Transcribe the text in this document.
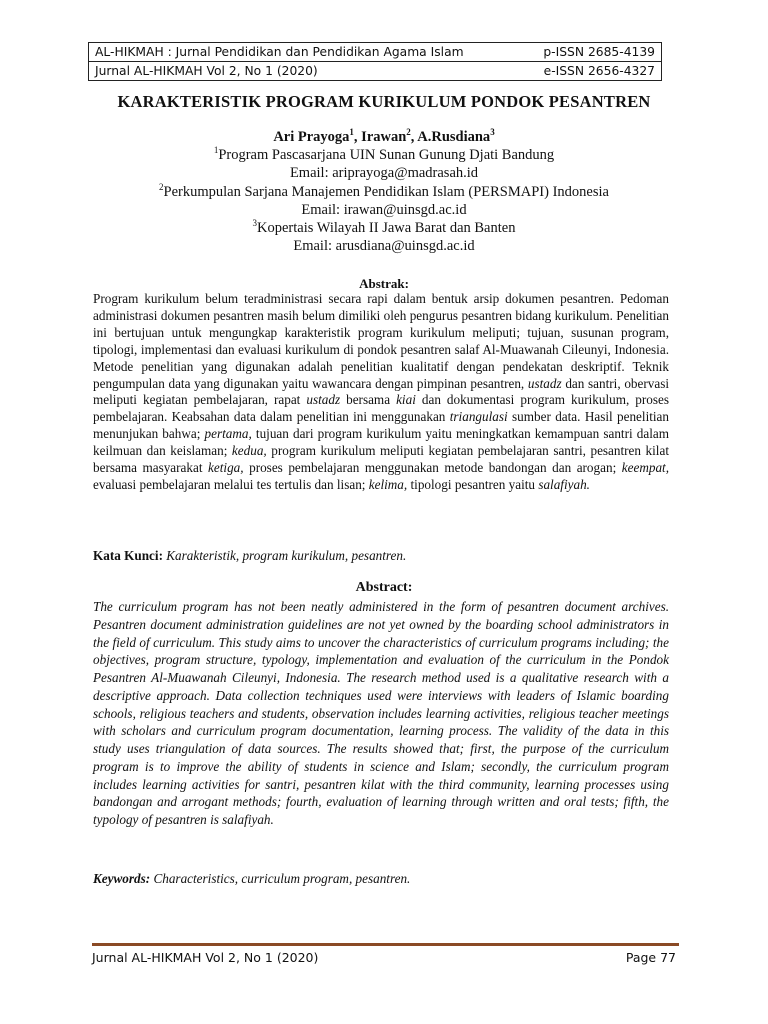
AL-HIKMAH : Jurnal Pendidikan dan Pendidikan Agama Islam	p-ISSN 2685-4139
Jurnal AL-HIKMAH Vol 2, No 1 (2020)	e-ISSN 2656-4327
KARAKTERISTIK PROGRAM KURIKULUM PONDOK PESANTREN
Ari Prayoga$^1$, Irawan$^2$, A.Rusdiana$^3$
$^1$Program Pascasarjana UIN Sunan Gunung Djati Bandung
Email: ariprayoga@madrasah.id
$^2$Perkumpulan Sarjana Manajemen Pendidikan Islam (PERSMAPI) Indonesia
Email: irawan@uinsgd.ac.id
$^3$Kopertais Wilayah II Jawa Barat dan Banten
Email: arusdiana@uinsgd.ac.id
Abstrak:
Program kurikulum belum teradministrasi secara rapi dalam bentuk arsip dokumen pesantren. Pedoman administrasi dokumen pesantren masih belum dimiliki oleh pengurus pesantren bidang kurikulum. Penelitian ini bertujuan untuk mengungkap karakteristik program kurikulum meliputi; tujuan, susunan program, tipologi, implementasi dan evaluasi kurikulum di pondok pesantren salaf Al-Muawanah Cileunyi, Indonesia. Metode penelitian yang digunakan adalah penelitian kualitatif dengan pendekatan deskriptif. Teknik pengumpulan data yang digunakan yaitu wawancara dengan pimpinan pesantren, ustadz dan santri, obervasi meliputi kegiatan pembelajaran, rapat ustadz bersama kiai dan dokumentasi program kurikulum, proses pembelajaran. Keabsahan data dalam penelitian ini menggunakan triangulasi sumber data. Hasil penelitian menunjukan bahwa; pertama, tujuan dari program kurikulum yaitu meningkatkan kemampuan santri dalam keilmuan dan keislaman; kedua, program kurikulum meliputi kegiatan pembelajaran santri, pesantren kilat bersama masyarakat ketiga, proses pembelajaran menggunakan metode bandongan dan arogan; keempat, evaluasi pembelajaran melalui tes tertulis dan lisan; kelima, tipologi pesantren yaitu salafiyah.
Kata Kunci: Karakteristik, program kurikulum, pesantren.
Abstract:
The curriculum program has not been neatly administered in the form of pesantren document archives. Pesantren document administration guidelines are not yet owned by the boarding school administrators in the field of curriculum. This study aims to uncover the characteristics of curriculum programs including; the objectives, program structure, typology, implementation and evaluation of the curriculum in the Pondok Pesantren Al-Muawanah Cileunyi, Indonesia. The research method used is a qualitative research with a descriptive approach. Data collection techniques used were interviews with leaders of Islamic boarding schools, religious teachers and students, observation includes learning activities, religious teacher meetings with scholars and curriculum program documentation, learning process. The validity of the data in this study uses triangulation of data sources. The results showed that; first, the purpose of the curriculum program is to improve the ability of students in science and Islam; secondly, the curriculum program includes learning activities for santri, pesantren kilat with the third community, learning processes using bandongan and arrogant methods; fourth, evaluation of learning through written and oral tests; fifth, the typology of pesantren is salafiyah.
Keywords: Characteristics, curriculum program, pesantren.
Jurnal AL-HIKMAH Vol 2, No 1 (2020)	Page 77
